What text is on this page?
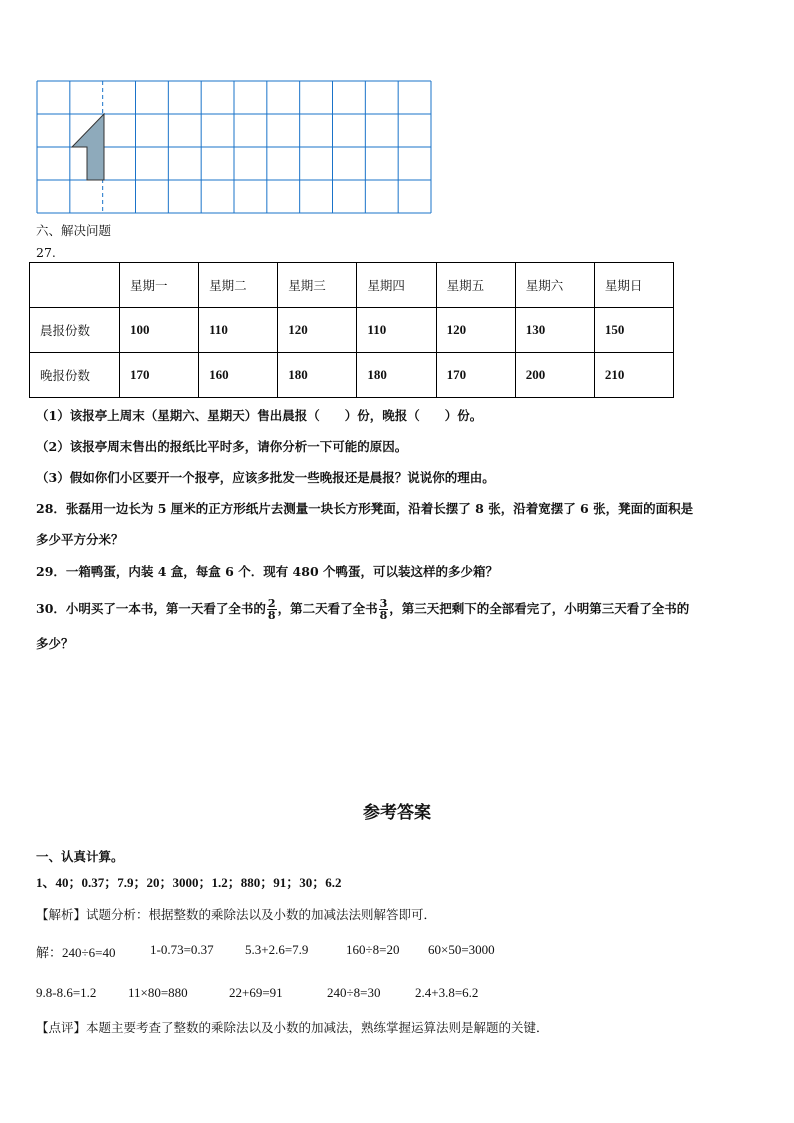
六、解决问题
27.
	星期一	星期二	星期三	星期四	星期五	星期六	星期日
晨报份数	100	110	120	110	120	130	150
晚报份数	170	160	180	180	170	200	210
（1）该报亭上周末（星期六、星期天）售出晨报（　　）份，晚报（　　）份。
（2）该报亭周末售出的报纸比平时多，请你分析一下可能的原因。
（3）假如你们小区要开一个报亭，应该多批发一些晚报还是晨报？说说你的理由。
28．张磊用一边长为 5 厘米的正方形纸片去测量一块长方形凳面，沿着长摆了 8 张，沿着宽摆了 6 张，凳面的面积是
多少平方分米？
29．一箱鸭蛋，内装 4 盒，每盒 6 个．现有 480 个鸭蛋，可以装这样的多少箱？
30．小明买了一本书，第一天看了全书的 $\frac{2}{8}$ ，第二天看了全书 $\frac{3}{8}$ ，第三天把剩下的全部看完了，小明第三天看了全书的
多少？
参考答案
一、认真计算。
1、40；0.37；7.9；20；3000；1.2；880；91；30；6.2
【解析】试题分析：根据整数的乘除法以及小数的加减法法则解答即可．
解：240÷6=40	1-0.73=0.37 5.3+2.6=7.9	160÷8=20 60×50=3000
9.8-8.6=1.2 11×80=880	22+69=91	240÷8=30	2.4+3.8=6.2
【点评】本题主要考查了整数的乘除法以及小数的加减法，熟练掌握运算法则是解题的关键．
